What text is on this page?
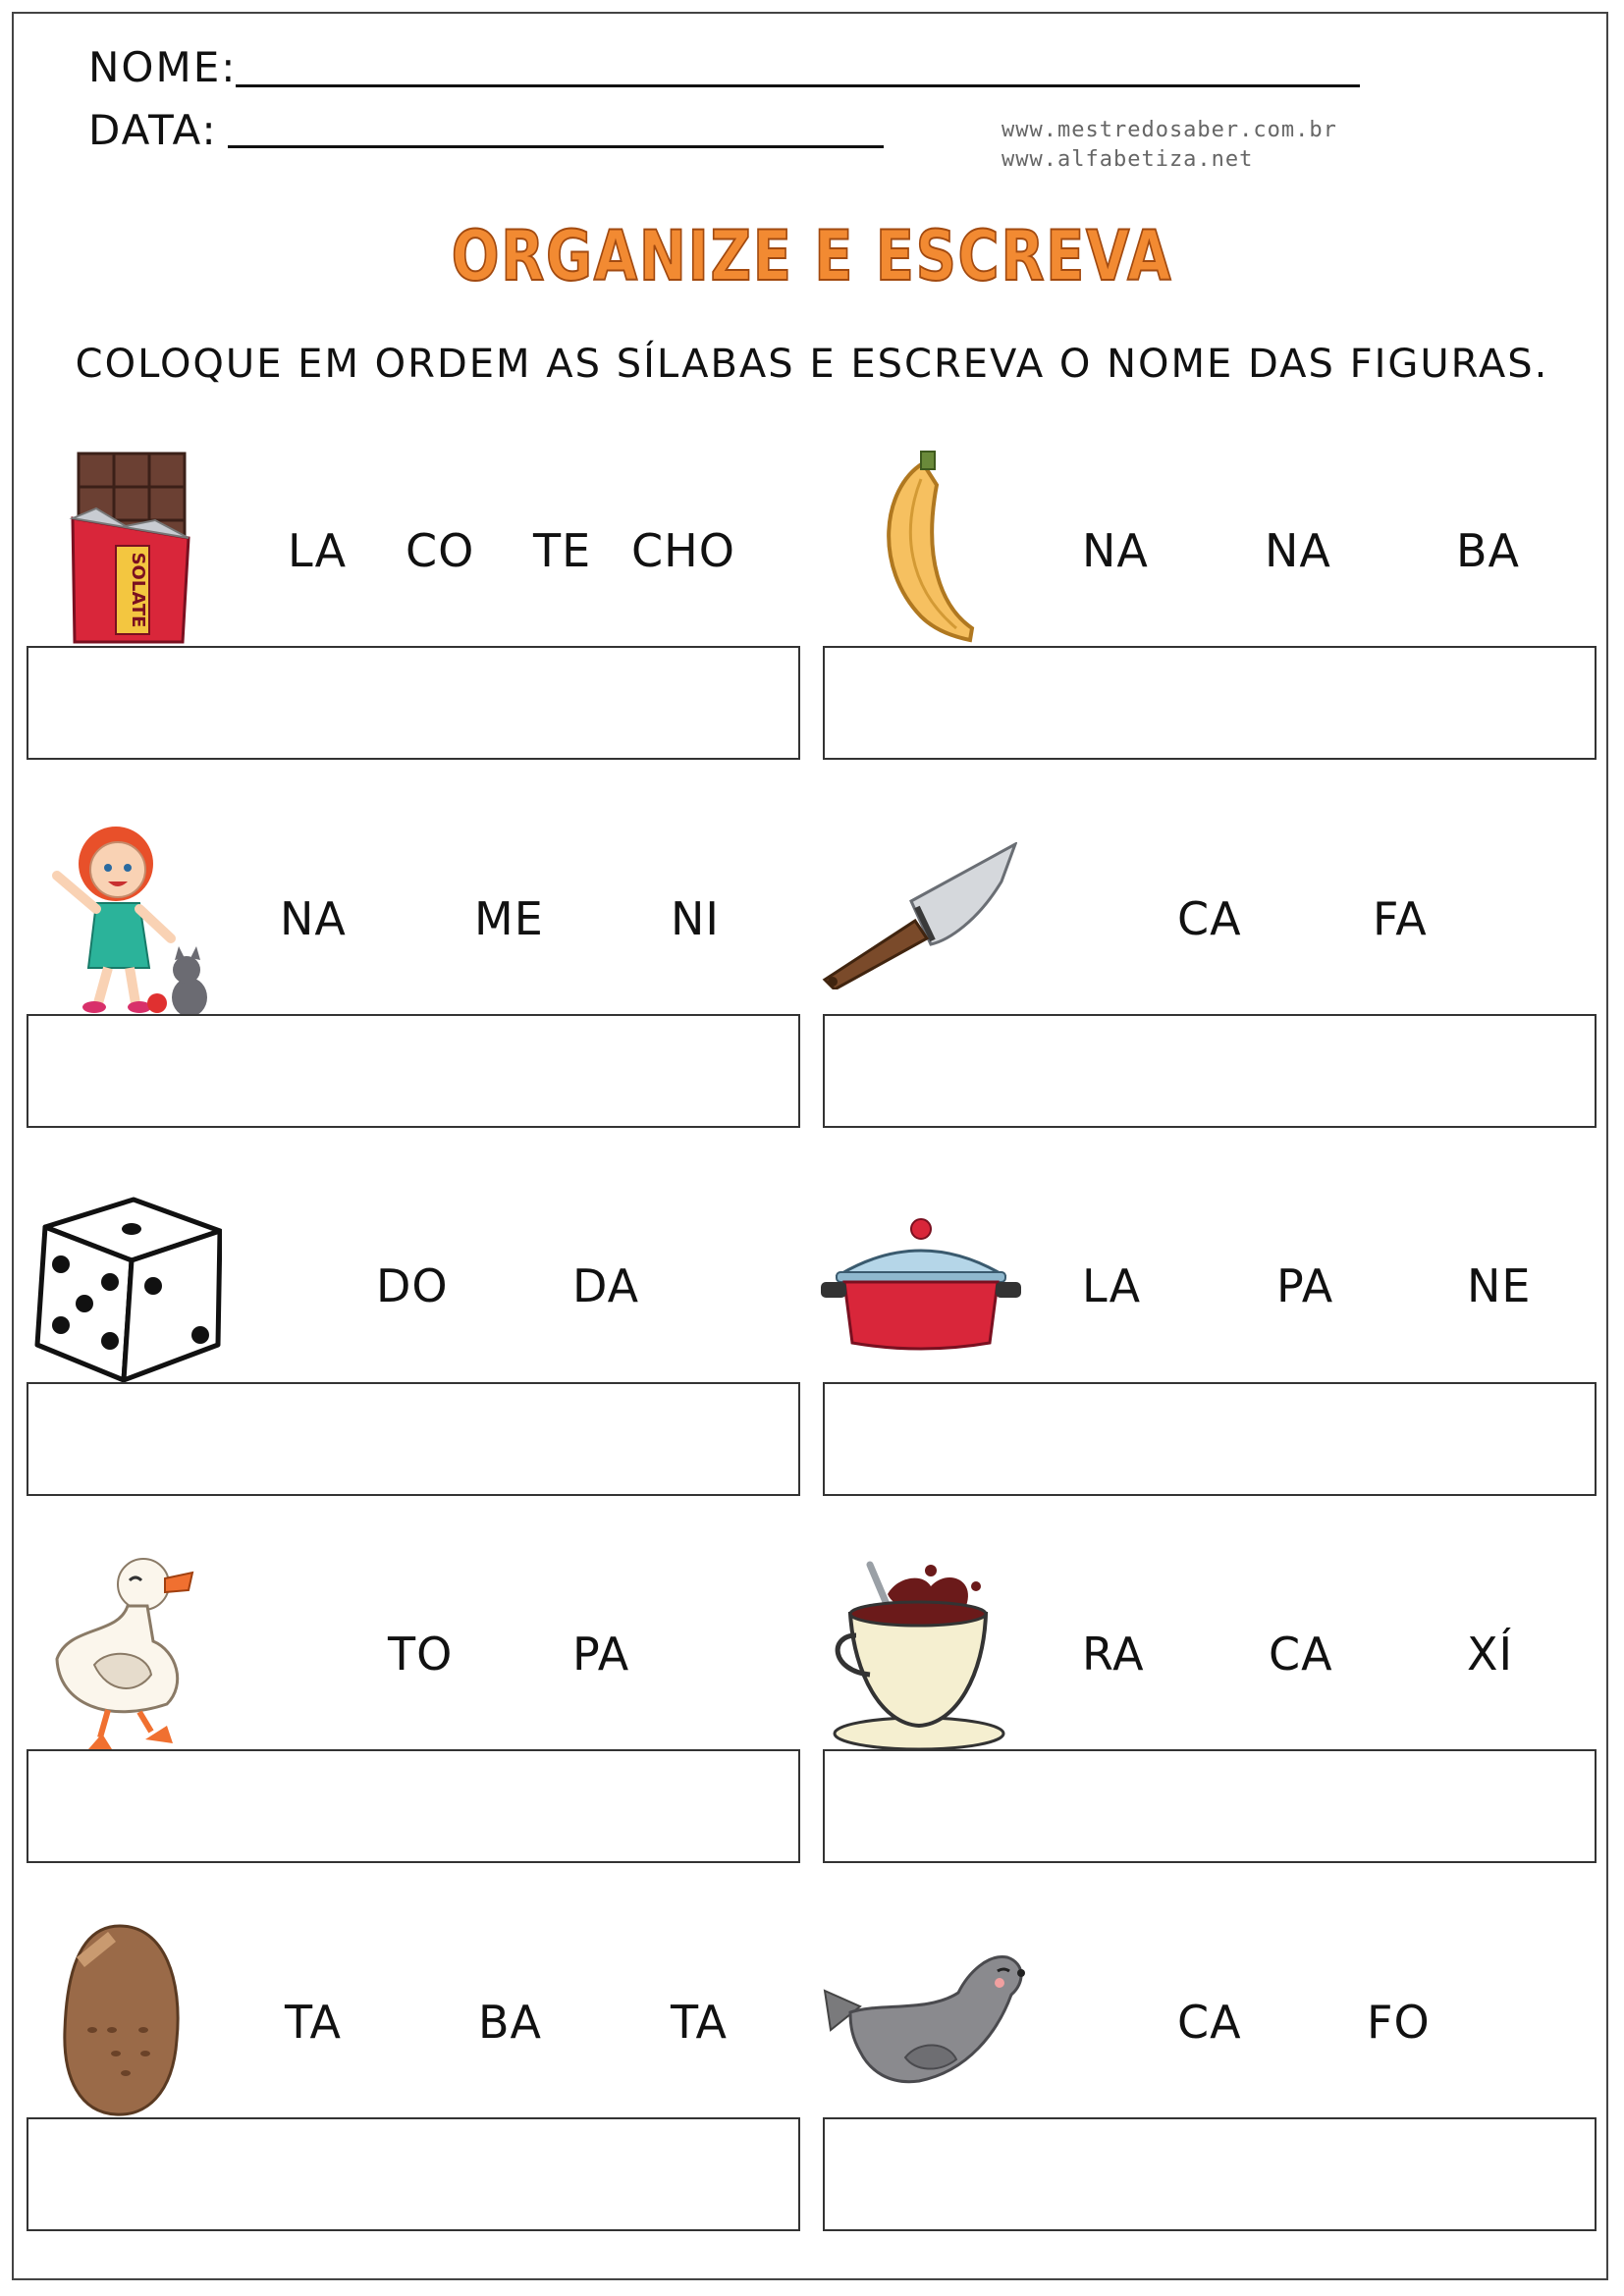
NOME:
DATA:	www.mestredosaber.com.br
www.alfabetiza.net
ORGANIZE E ESCREVA
COLOQUE EM ORDEM AS SÍLABAS E ESCREVA O NOME DAS FIGURAS.
SOLATE
LA CO TE CHO	NA	NA	BA
NA	ME	NI	CA	FA
DO	DA	LA	PA	NE
TO	PA	RA	CA	XÍ
TA	BA	TA	CA	FO
